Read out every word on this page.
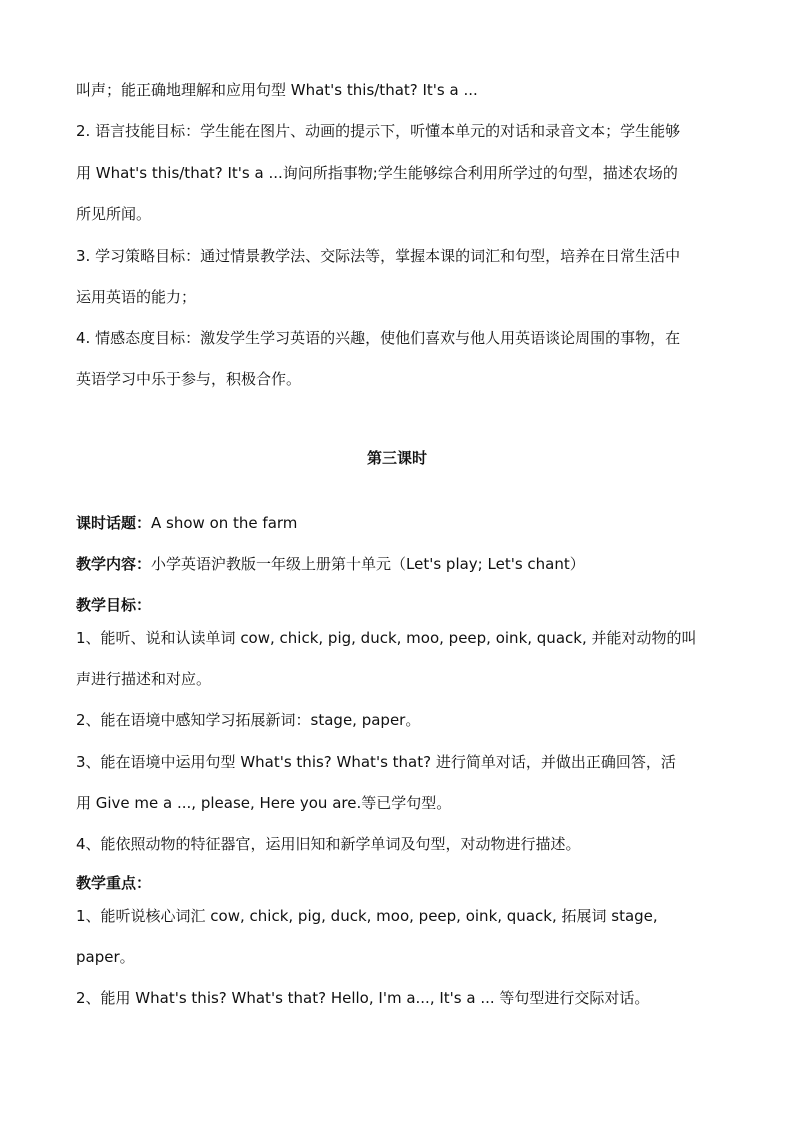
叫声；能正确地理解和应用句型 What's this/that? It's a ...
2. 语言技能目标：学生能在图片、动画的提示下，听懂本单元的对话和录音文本；学生能够
用 What's this/that? It's a ...询问所指事物;学生能够综合利用所学过的句型，描述农场的
所见所闻。
3. 学习策略目标：通过情景教学法、交际法等，掌握本课的词汇和句型，培养在日常生活中
运用英语的能力；
4. 情感态度目标：激发学生学习英语的兴趣，使他们喜欢与他人用英语谈论周围的事物，在
英语学习中乐于参与，积极合作。
第三课时
课时话题：A show on the farm
教学内容：小学英语沪教版一年级上册第十单元（Let's play; Let's chant）
教学目标：
1、能听、说和认读单词 cow, chick, pig, duck, moo, peep, oink, quack, 并能对动物的叫
声进行描述和对应。
2、能在语境中感知学习拓展新词：stage, paper。
3、能在语境中运用句型 What's this? What's that? 进行简单对话，并做出正确回答，活
用 Give me a ..., please, Here you are.等已学句型。
4、能依照动物的特征器官，运用旧知和新学单词及句型，对动物进行描述。
教学重点：
1、能听说核心词汇 cow, chick, pig, duck, moo, peep, oink, quack, 拓展词 stage,
paper。
2、能用 What's this? What's that? Hello, I'm a..., It's a ... 等句型进行交际对话。
